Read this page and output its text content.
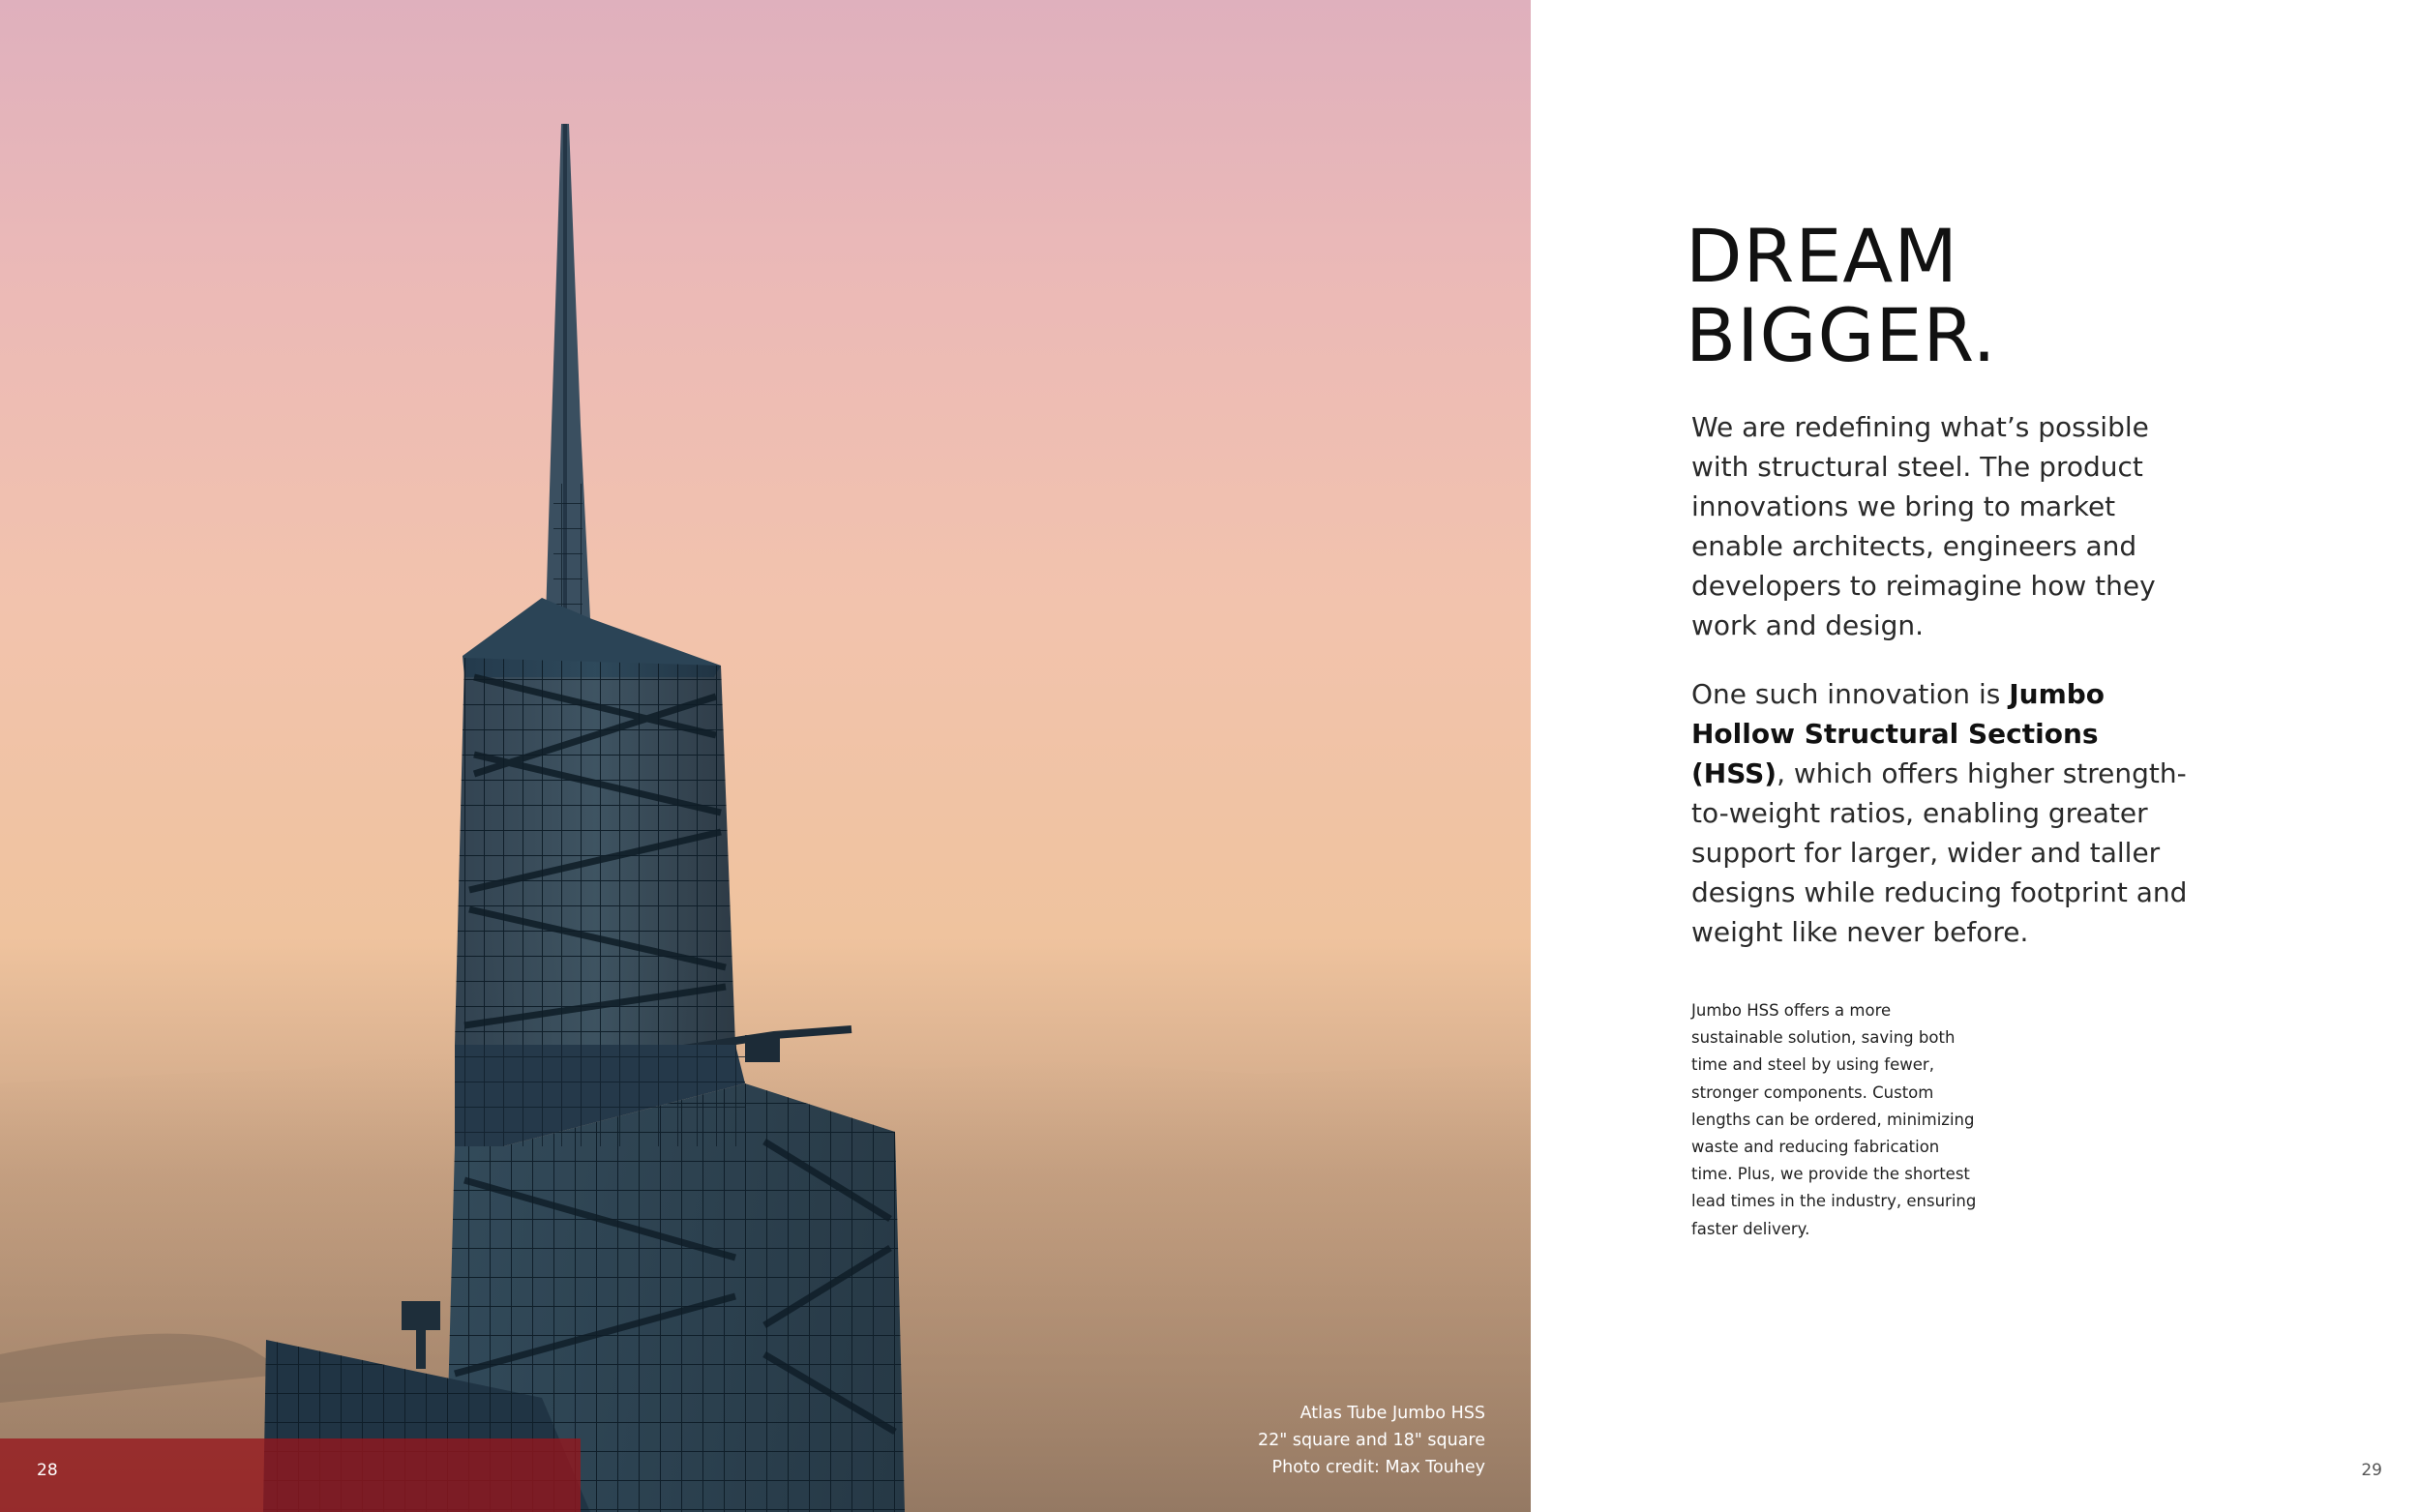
28
Atlas Tube Jumbo HSS
22" square and 18" square
Photo credit: Max Touhey
DREAM
BIGGER.

We are redefining what’s possible with structural steel. The product innovations we bring to market enable architects, engineers and developers to reimagine how they work and design.

One such innovation is Jumbo Hollow Structural Sections (HSS), which offers higher strength-to-weight ratios, enabling greater support for larger, wider and taller designs while reducing footprint and weight like never before.

Jumbo HSS offers a more sustainable solution, saving both time and steel by using fewer, stronger components. Custom lengths can be ordered, minimizing waste and reducing fabrication time. Plus, we provide the shortest lead times in the industry, ensuring faster delivery.

29
